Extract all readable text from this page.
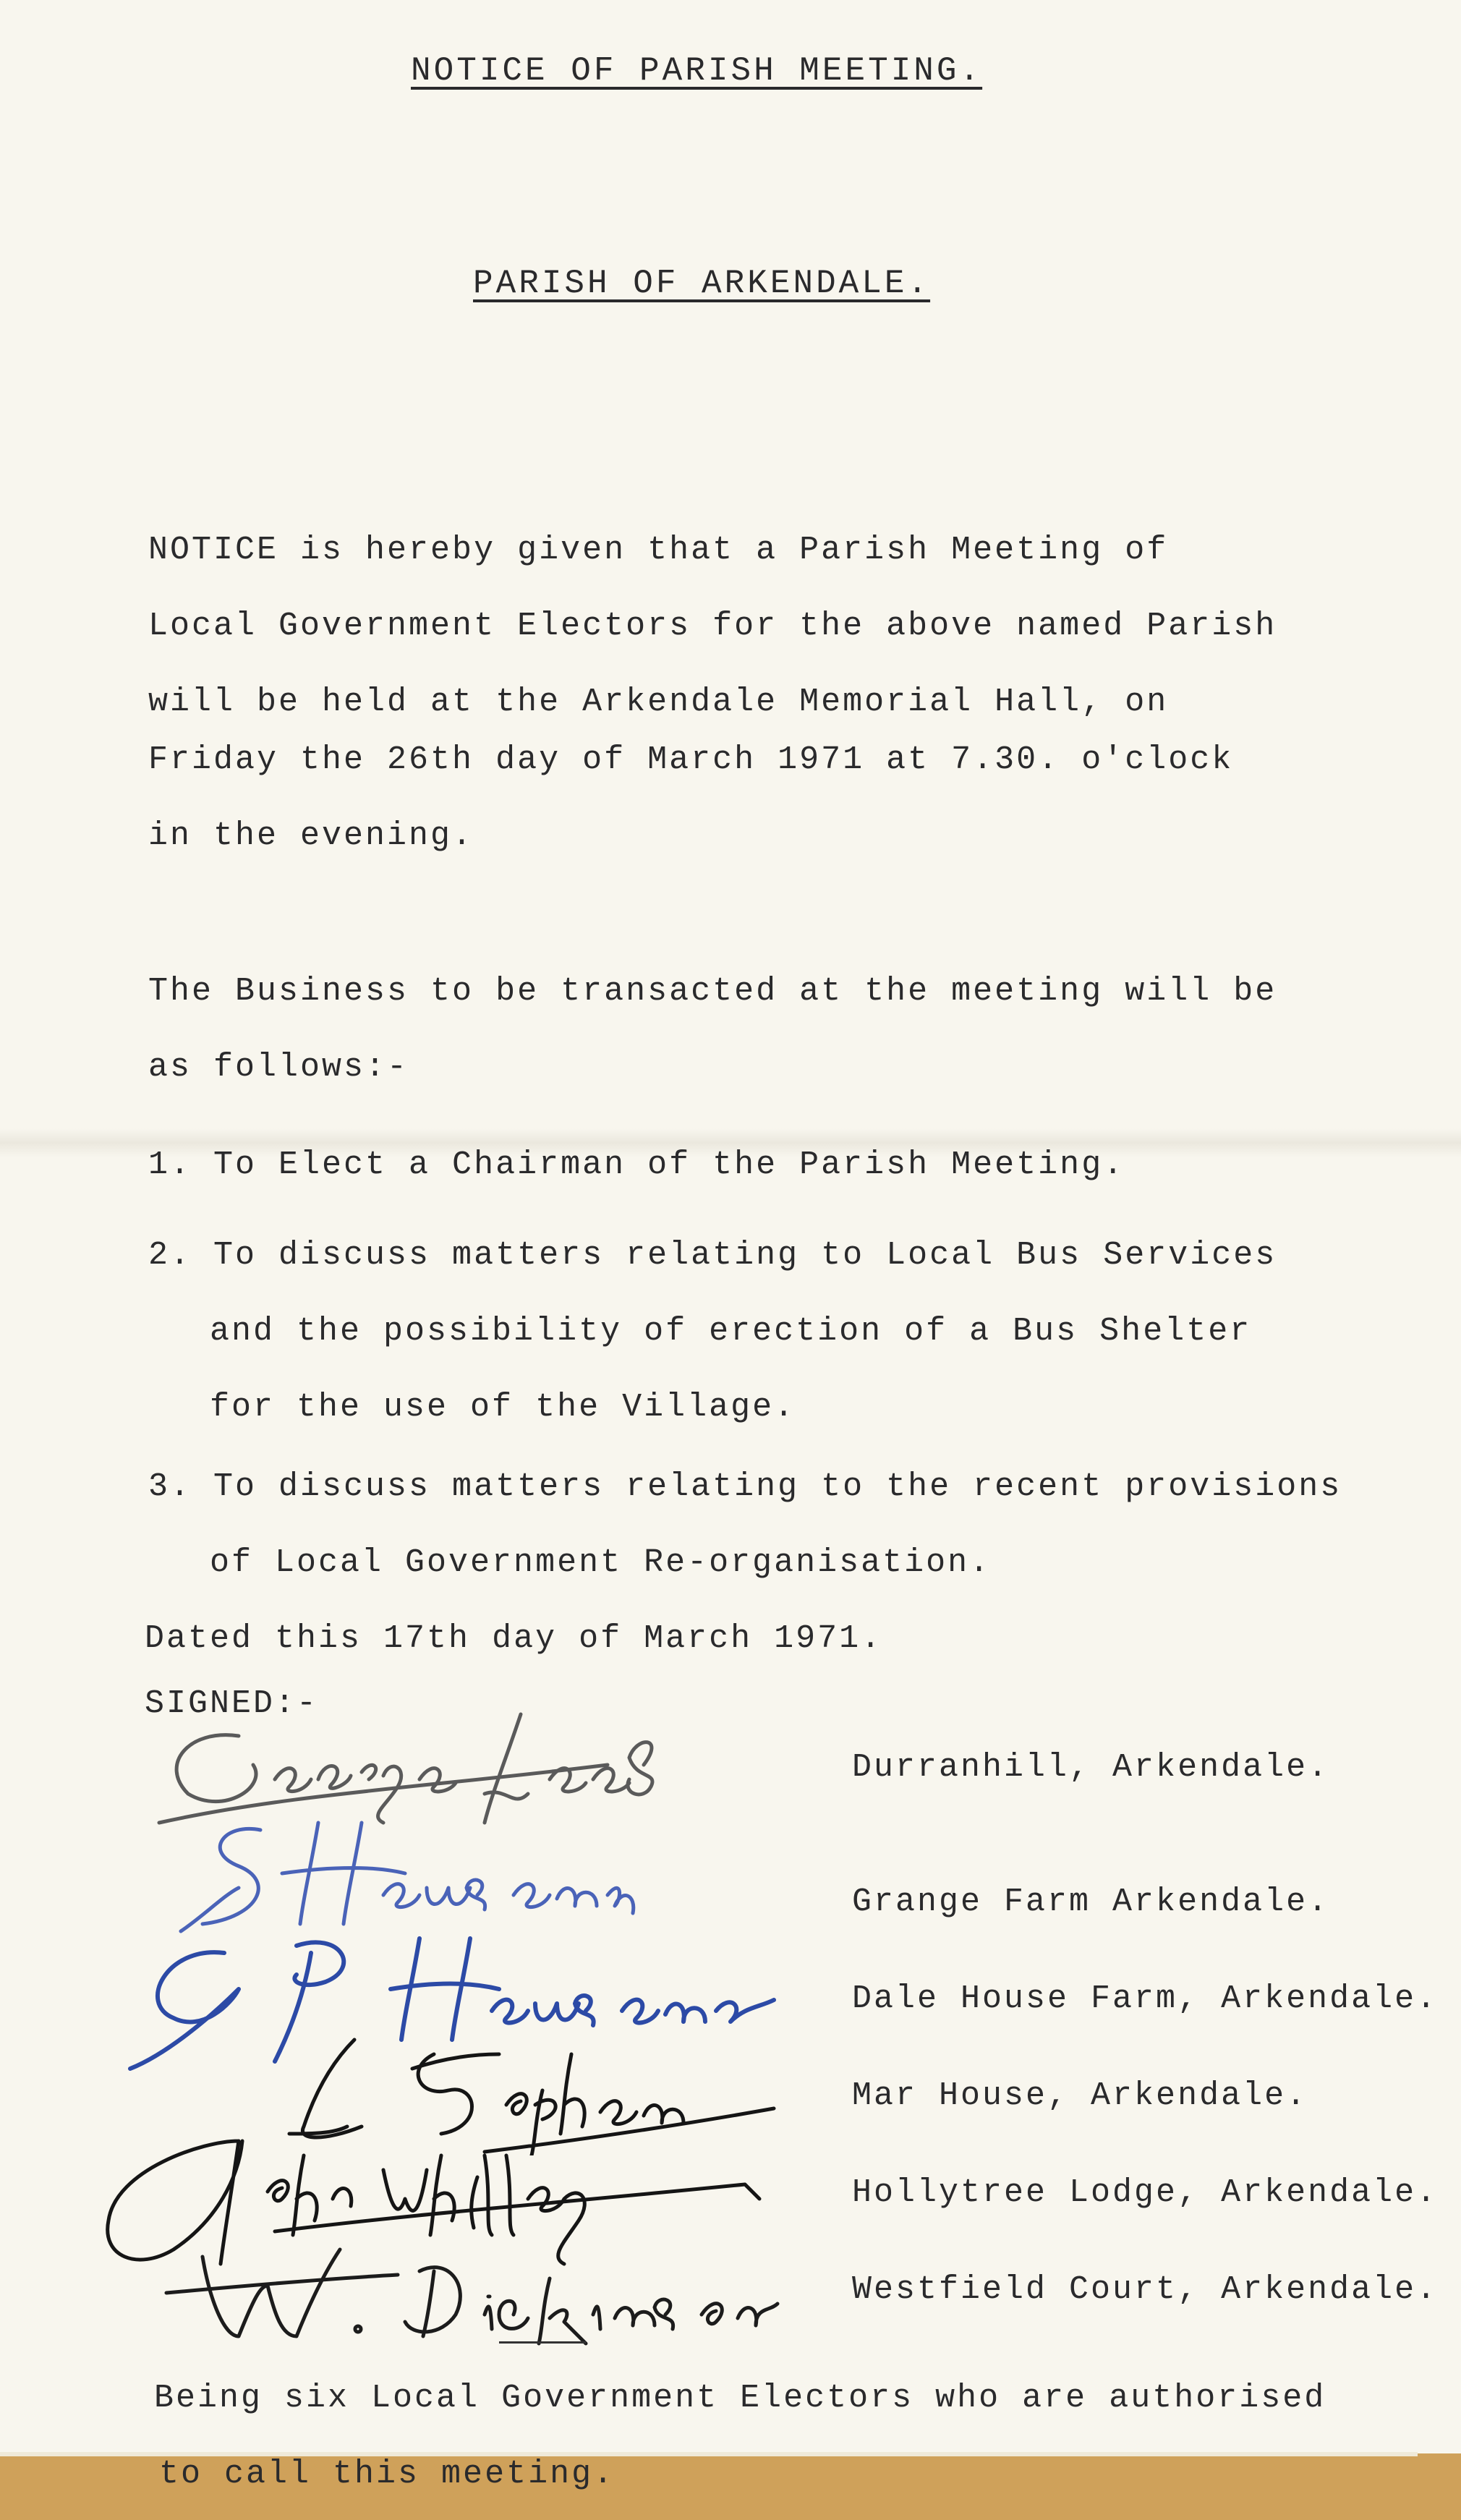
NOTICE OF PARISH MEETING.
PARISH OF ARKENDALE.
NOTICE is hereby given that a Parish Meeting of
Local Government Electors for the above named Parish
will be held at the Arkendale Memorial Hall, on
Friday the 26th day of March 1971 at 7.30. o'clock
in the evening.
The Business to be transacted at the meeting will be
as follows:-
1. To Elect a Chairman of the Parish Meeting.
2. To discuss matters relating to Local Bus Services
and the possibility of erection of a Bus Shelter
for the use of the Village.
3. To discuss matters relating to the recent provisions
of Local Government Re-organisation.
Dated this 17th day of March 1971.
SIGNED:-
Durranhill, Arkendale.
Grange Farm Arkendale.
Dale House Farm, Arkendale.
Mar House, Arkendale.
Hollytree Lodge, Arkendale.
Westfield Court, Arkendale.
Being six Local Government Electors who are authorised
to call this meeting.
